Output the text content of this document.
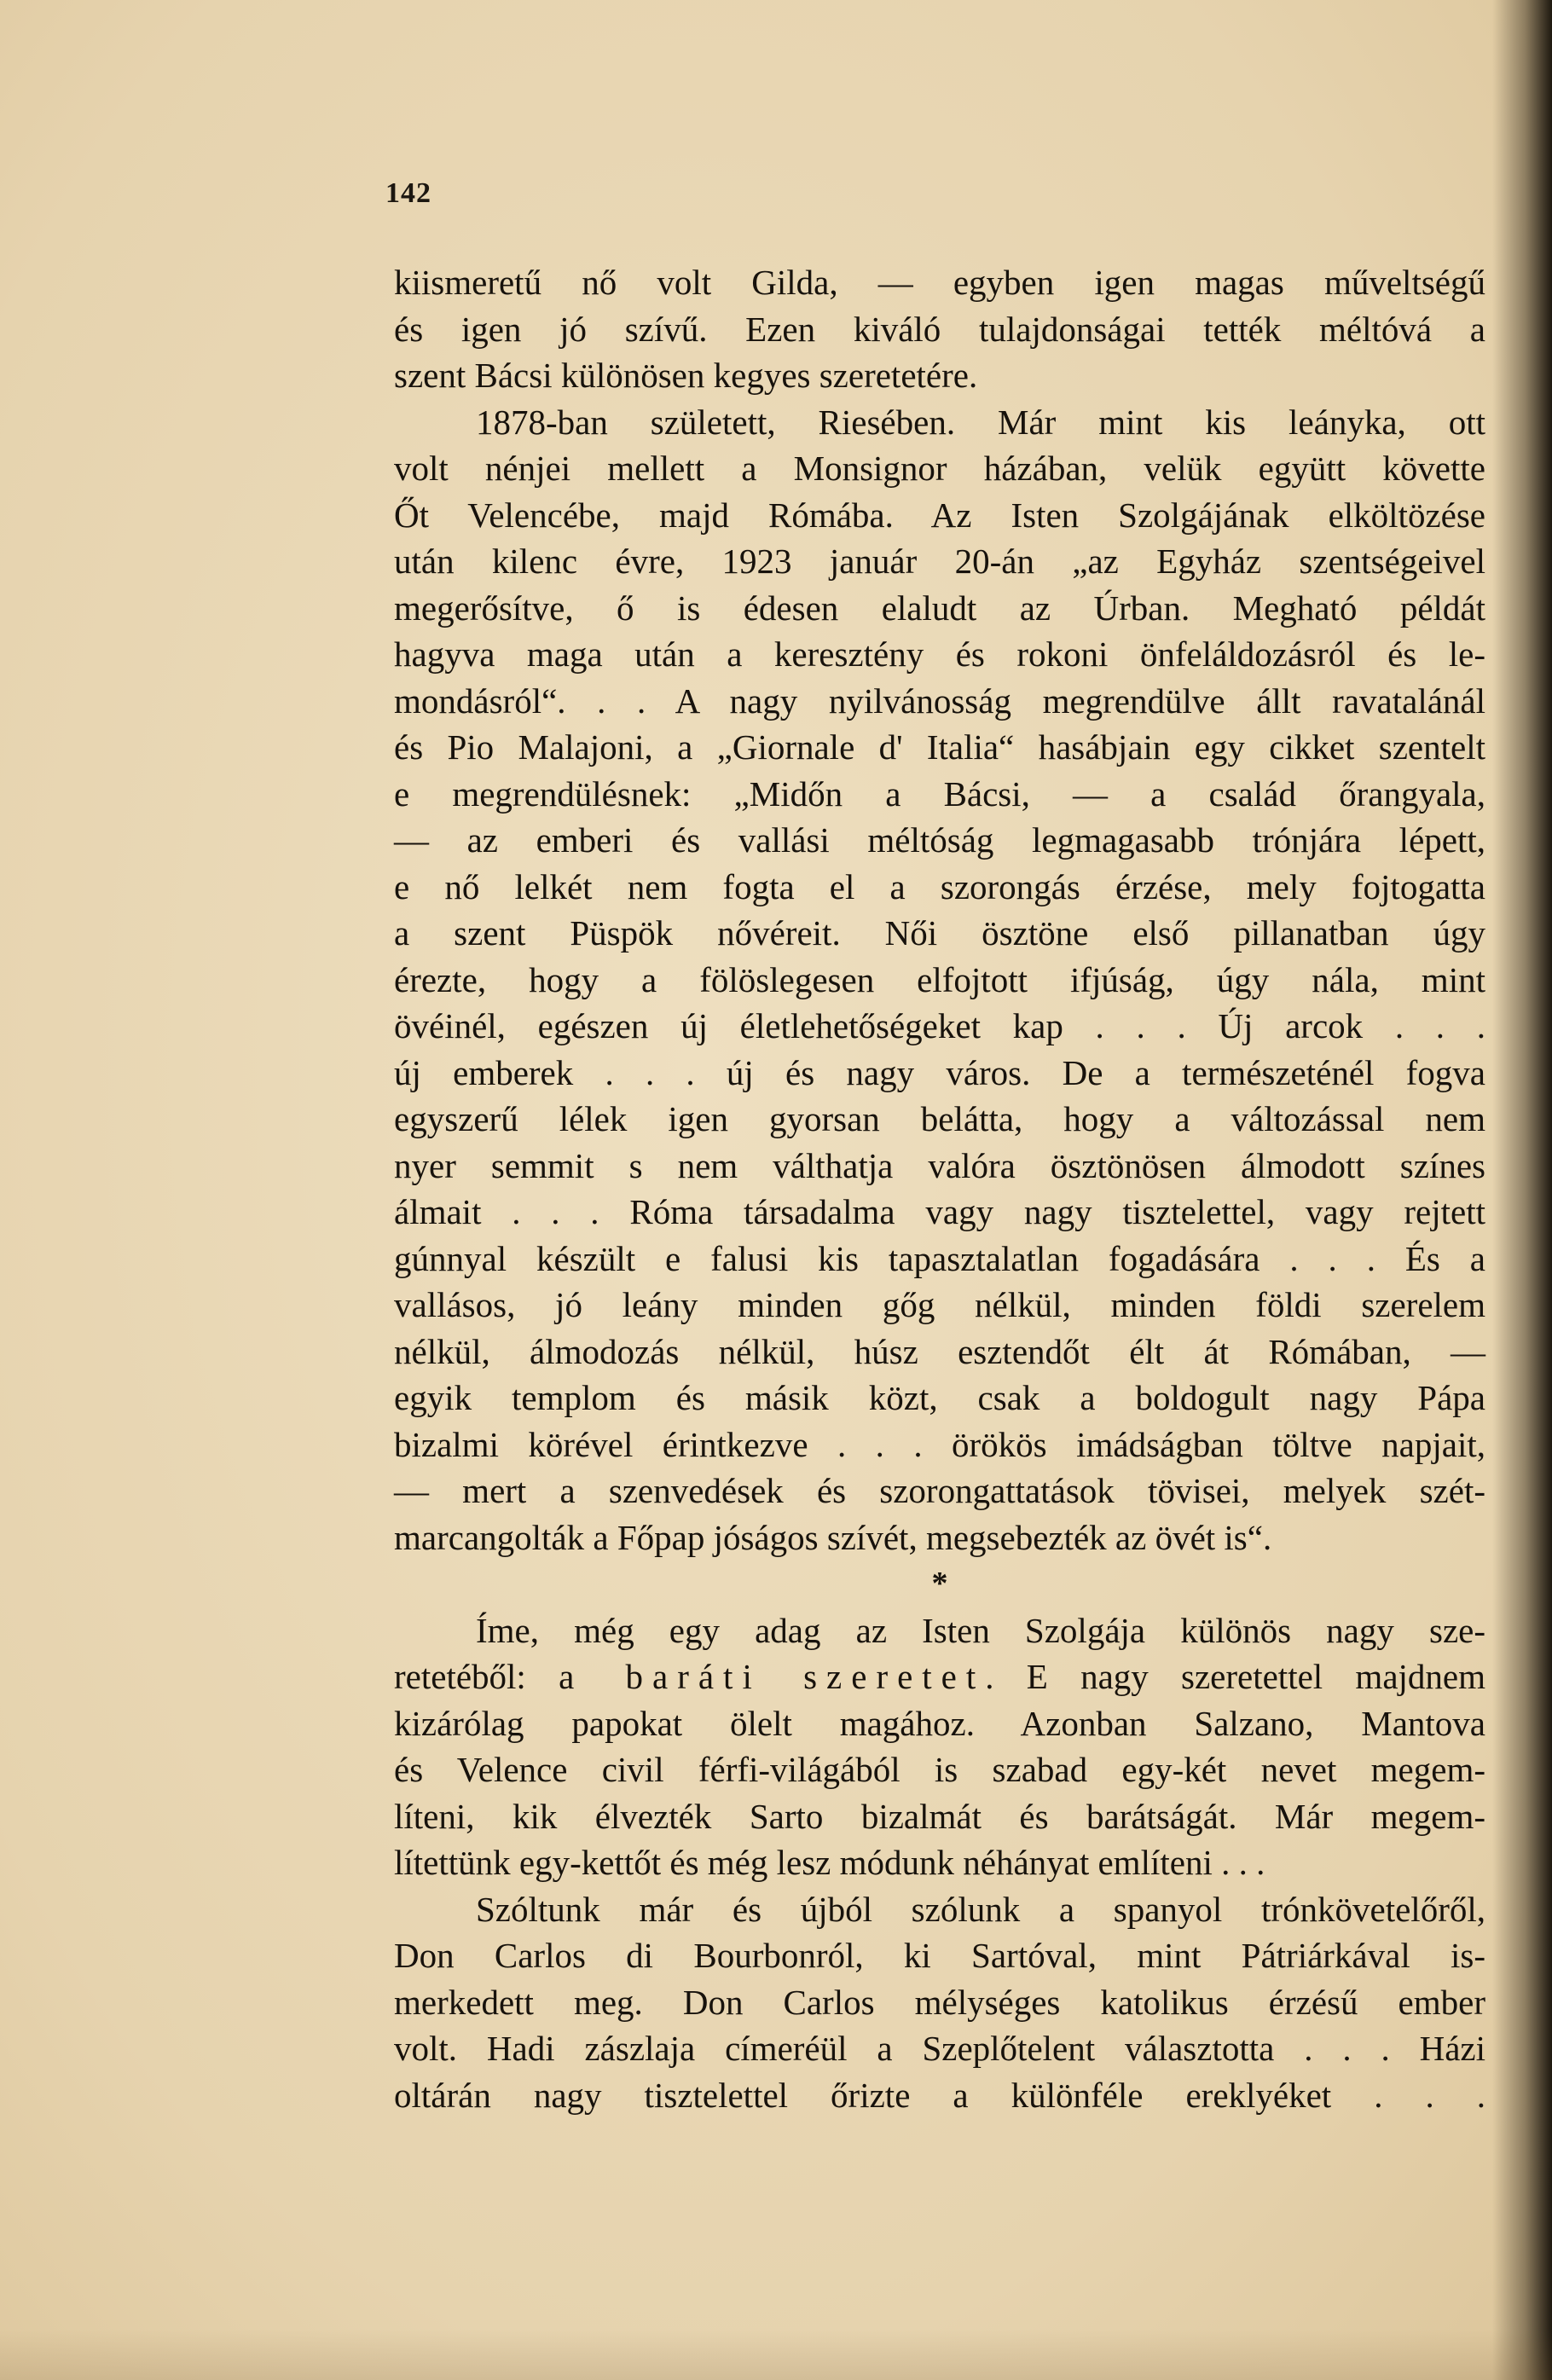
142
kiismeretű nő volt Gilda, — egyben igen magas műveltségű
és igen jó szívű. Ezen kiváló tulajdonságai tették méltóvá a
szent Bácsi különösen kegyes szeretetére.
1878-ban született, Riesében. Már mint kis leányka, ott
volt nénjei mellett a Monsignor házában, velük együtt követte
Őt Velencébe, majd Rómába. Az Isten Szolgájának elköltözése
után kilenc évre, 1923 január 20-án „az Egyház szentségeivel
megerősítve, ő is édesen elaludt az Úrban. Megható példát
hagyva maga után a keresztény és rokoni önfeláldozásról és le-
mondásról“. . . A nagy nyilvánosság megrendülve állt ravatalánál
és Pio Malajoni, a „Giornale d' Italia“ hasábjain egy cikket szentelt
e megrendülésnek: „Midőn a Bácsi, — a család őrangyala,
— az emberi és vallási méltóság legmagasabb trónjára lépett,
e nő lelkét nem fogta el a szorongás érzése, mely fojtogatta
a szent Püspök nővéreit. Női ösztöne első pillanatban úgy
érezte, hogy a fölöslegesen elfojtott ifjúság, úgy nála, mint
övéinél, egészen új életlehetőségeket kap . . . Új arcok . . .
új emberek . . . új és nagy város. De a természeténél fogva
egyszerű lélek igen gyorsan belátta, hogy a változással nem
nyer semmit s nem válthatja valóra ösztönösen álmodott színes
álmait . . . Róma társadalma vagy nagy tisztelettel, vagy rejtett
gúnnyal készült e falusi kis tapasztalatlan fogadására . . . És a
vallásos, jó leány minden gőg nélkül, minden földi szerelem
nélkül, álmodozás nélkül, húsz esztendőt élt át Rómában, —
egyik templom és másik közt, csak a boldogult nagy Pápa
bizalmi körével érintkezve . . . örökös imádságban töltve napjait,
— mert a szenvedések és szorongattatások tövisei, melyek szét-
marcangolták a Főpap jóságos szívét, megsebezték az övét is“.
*
Íme, még egy adag az Isten Szolgája különös nagy sze-
retetéből: a baráti szeretet. E nagy szeretettel majdnem
kizárólag papokat ölelt magához. Azonban Salzano, Mantova
és Velence civil férfi-világából is szabad egy-két nevet megem-
líteni, kik élvezték Sarto bizalmát és barátságát. Már megem-
lítettünk egy-kettőt és még lesz módunk néhányat említeni . . .
Szóltunk már és újból szólunk a spanyol trónkövetelőről,
Don Carlos di Bourbonról, ki Sartóval, mint Pátriárkával is-
merkedett meg. Don Carlos mélységes katolikus érzésű ember
volt. Hadi zászlaja címeréül a Szeplőtelent választotta . . . Házi
oltárán nagy tisztelettel őrizte a különféle ereklyéket . . .
